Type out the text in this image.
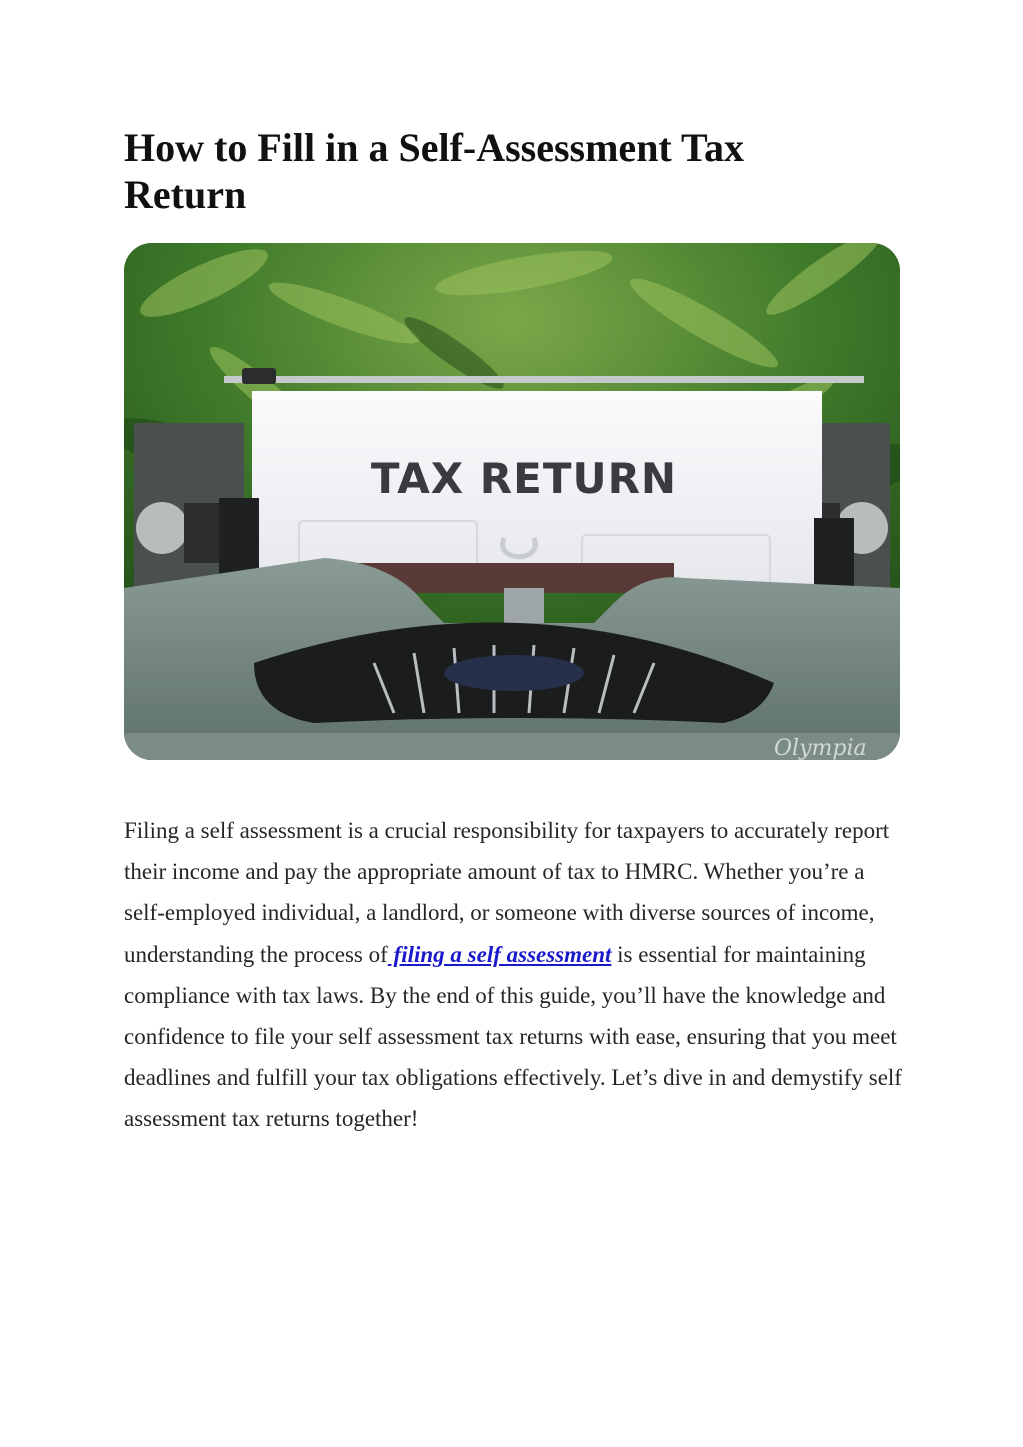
How to Fill in a Self-Assessment Tax Return
TAX RETURN
Olympia

Filing a self assessment is a crucial responsibility for taxpayers to accurately report their income and pay the appropriate amount of tax to HMRC. Whether you’re a self-employed individual, a landlord, or someone with diverse sources of income, understanding the process of filing a self assessment is essential for maintaining compliance with tax laws. By the end of this guide, you’ll have the knowledge and confidence to file your self assessment tax returns with ease, ensuring that you meet deadlines and fulfill your tax obligations effectively. Let’s dive in and demystify self assessment tax returns together!
